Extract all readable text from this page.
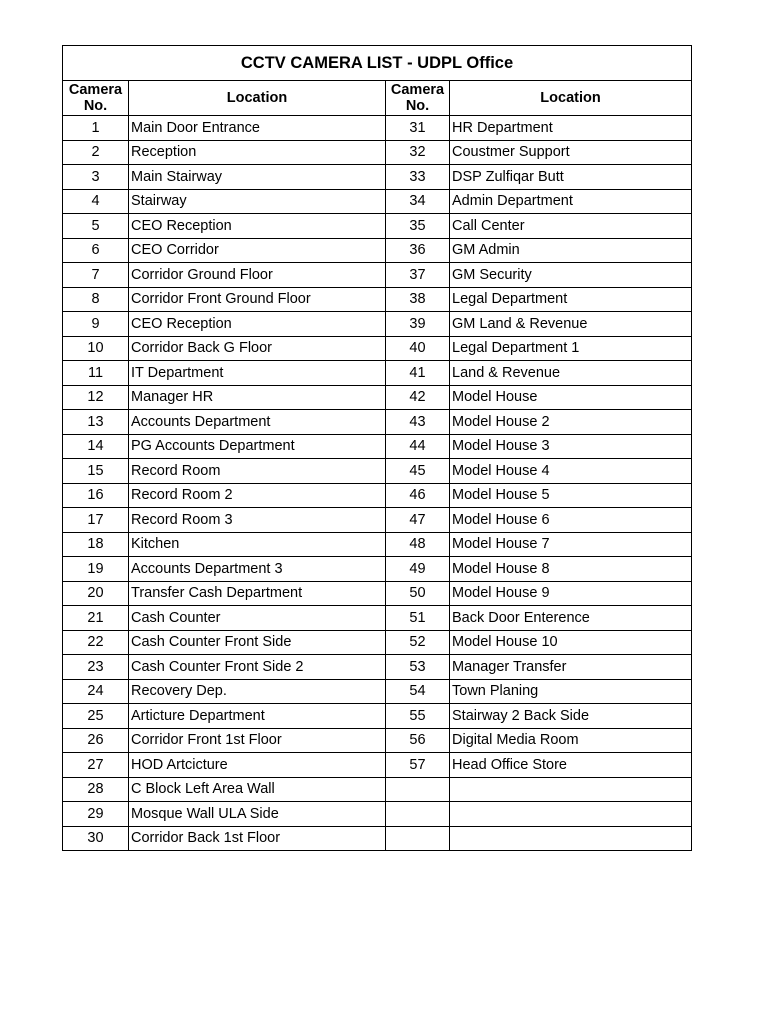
CCTV CAMERA LIST - UDPL Office			
Camera No.	Location	Camera No.	Location
1	Main Door Entrance	31	HR Department
2	Reception	32	Coustmer Support
3	Main Stairway	33	DSP Zulfiqar Butt
4	Stairway	34	Admin Department
5	CEO Reception	35	Call Center
6	CEO Corridor	36	GM Admin
7	Corridor Ground Floor	37	GM Security
8	Corridor Front Ground Floor	38	Legal Department
9	CEO Reception	39	GM Land & Revenue
10	Corridor Back G Floor	40	Legal Department 1
11	IT Department	41	Land & Revenue
12	Manager HR	42	Model House
13	Accounts Department	43	Model House 2
14	PG Accounts Department	44	Model House 3
15	Record Room	45	Model House 4
16	Record Room 2	46	Model House 5
17	Record Room 3	47	Model House 6
18	Kitchen	48	Model House 7
19	Accounts Department 3	49	Model House 8
20	Transfer Cash Department	50	Model House 9
21	Cash Counter	51	Back Door Enterence
22	Cash Counter Front Side	52	Model House 10
23	Cash Counter Front Side 2	53	Manager Transfer
24	Recovery Dep.	54	Town Planing
25	Articture Department	55	Stairway 2 Back Side
26	Corridor Front 1st Floor	56	Digital Media Room
27	HOD Artcicture	57	Head Office Store
28	C Block Left Area Wall		
29	Mosque Wall ULA Side		
30	Corridor Back 1st Floor		
